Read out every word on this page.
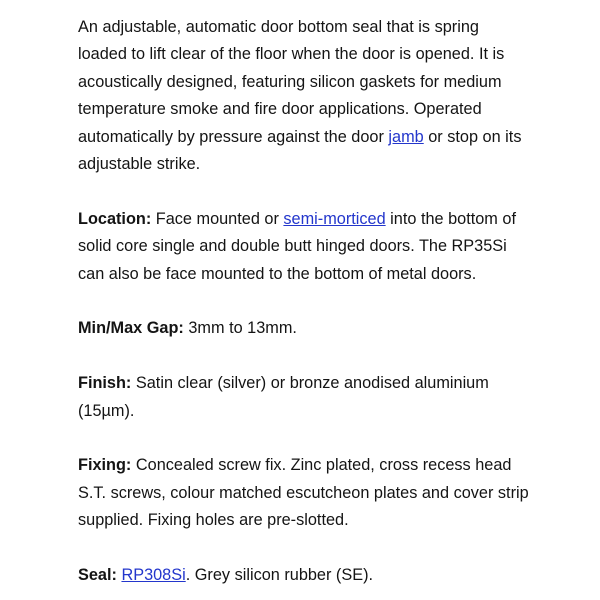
An adjustable, automatic door bottom seal that is spring loaded to lift clear of the floor when the door is opened. It is acoustically designed, featuring silicon gaskets for medium temperature smoke and fire door applications. Operated automatically by pressure against the door jamb or stop on its adjustable strike.

Location: Face mounted or semi-morticed into the bottom of solid core single and double butt hinged doors. The RP35Si can also be face mounted to the bottom of metal doors.

Min/Max Gap: 3mm to 13mm.

Finish: Satin clear (silver) or bronze anodised aluminium (15µm).

Fixing: Concealed screw fix. Zinc plated, cross recess head S.T. screws, colour matched escutcheon plates and cover strip supplied. Fixing holes are pre-slotted.

Seal: RP308Si. Grey silicon rubber (SE).
